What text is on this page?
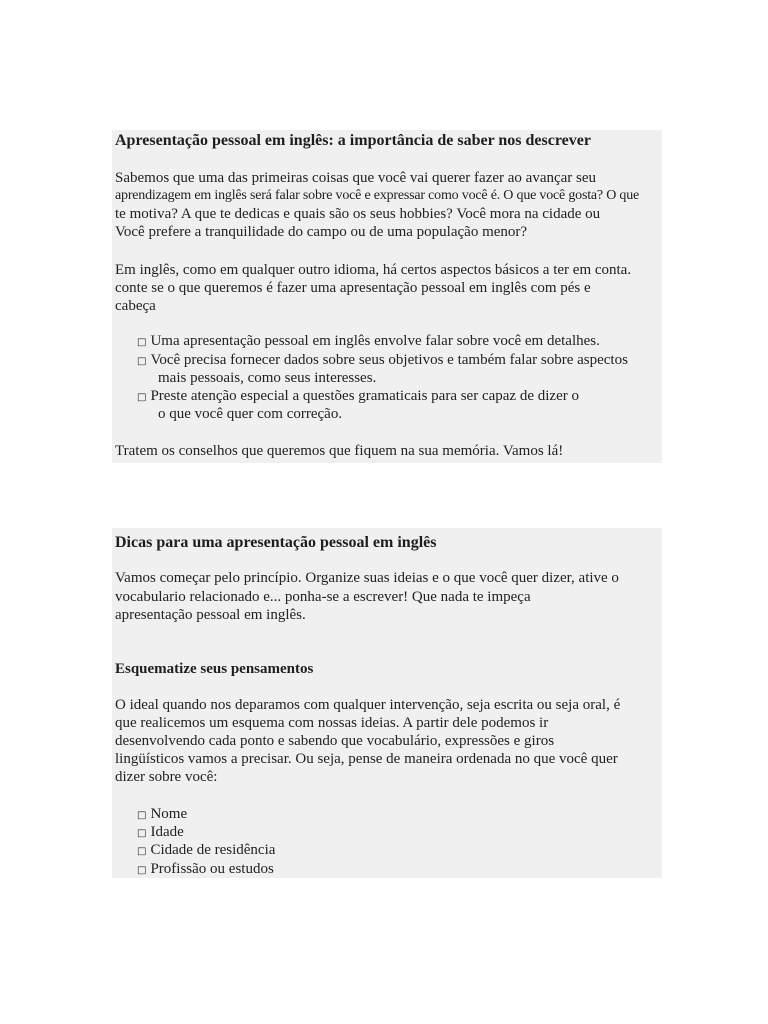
Apresentação pessoal em inglês: a importância de saber nos descrever
Sabemos que uma das primeiras coisas que você vai querer fazer ao avançar seu
aprendizagem em inglês será falar sobre você e expressar como você é. O que você gosta? O que
te motiva? A que te dedicas e quais são os seus hobbies? Você mora na cidade ou
Você prefere a tranquilidade do campo ou de uma população menor?
Em inglês, como em qualquer outro idioma, há certos aspectos básicos a ter em conta.
conte se o que queremos é fazer uma apresentação pessoal em inglês com pés e
cabeça
□ Uma apresentação pessoal em inglês envolve falar sobre você em detalhes.
□ Você precisa fornecer dados sobre seus objetivos e também falar sobre aspectos
mais pessoais, como seus interesses.
□ Preste atenção especial a questões gramaticais para ser capaz de dizer o
o que você quer com correção.
Tratem os conselhos que queremos que fiquem na sua memória. Vamos lá!
Dicas para uma apresentação pessoal em inglês
Vamos começar pelo princípio. Organize suas ideias e o que você quer dizer, ative o
vocabulario relacionado e... ponha-se a escrever! Que nada te impeça
apresentação pessoal em inglês.
Esquematize seus pensamentos
O ideal quando nos deparamos com qualquer intervenção, seja escrita ou seja oral, é
que realicemos um esquema com nossas ideias. A partir dele podemos ir
desenvolvendo cada ponto e sabendo que vocabulário, expressões e giros
lingüísticos vamos a precisar. Ou seja, pense de maneira ordenada no que você quer
dizer sobre você:
□ Nome
□ Idade
□ Cidade de residência
□ Profissão ou estudos
